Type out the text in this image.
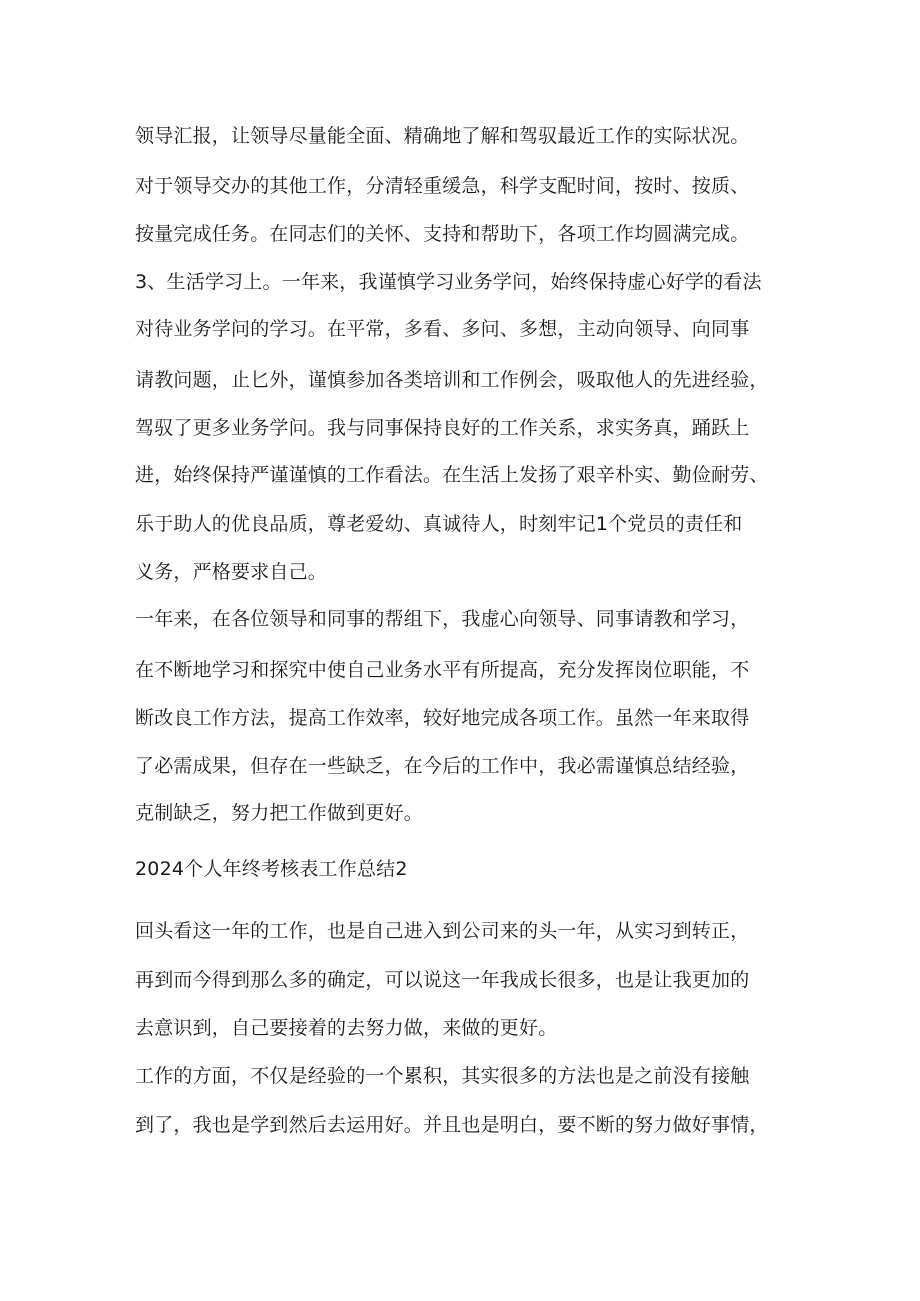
领导汇报，让领导尽量能全面、精确地了解和驾驭最近工作的实际状况。
对于领导交办的其他工作，分清轻重缓急，科学支配时间，按时、按质、
按量完成任务。在同志们的关怀、支持和帮助下，各项工作均圆满完成。
3、生活学习上。一年来，我谨慎学习业务学问，始终保持虚心好学的看法
对待业务学问的学习。在平常，多看、多问、多想，主动向领导、向同事
请教问题，止匕外，谨慎参加各类培训和工作例会，吸取他人的先进经验，
驾驭了更多业务学问。我与同事保持良好的工作关系，求实务真，踊跃上
进，始终保持严谨谨慎的工作看法。在生活上发扬了艰辛朴实、勤俭耐劳、
乐于助人的优良品质，尊老爱幼、真诚待人，时刻牢记1个党员的责任和
义务，严格要求自己。
一年来，在各位领导和同事的帮组下，我虚心向领导、同事请教和学习，
在不断地学习和探究中使自己业务水平有所提高，充分发挥岗位职能，不
断改良工作方法，提高工作效率，较好地完成各项工作。虽然一年来取得
了必需成果，但存在一些缺乏，在今后的工作中，我必需谨慎总结经验，
克制缺乏，努力把工作做到更好。
2024个人年终考核表工作总结2
回头看这一年的工作，也是自己进入到公司来的头一年，从实习到转正，
再到而今得到那么多的确定，可以说这一年我成长很多，也是让我更加的
去意识到，自己要接着的去努力做，来做的更好。
工作的方面，不仅是经验的一个累积，其实很多的方法也是之前没有接触
到了，我也是学到然后去运用好。并且也是明白，要不断的努力做好事情，
